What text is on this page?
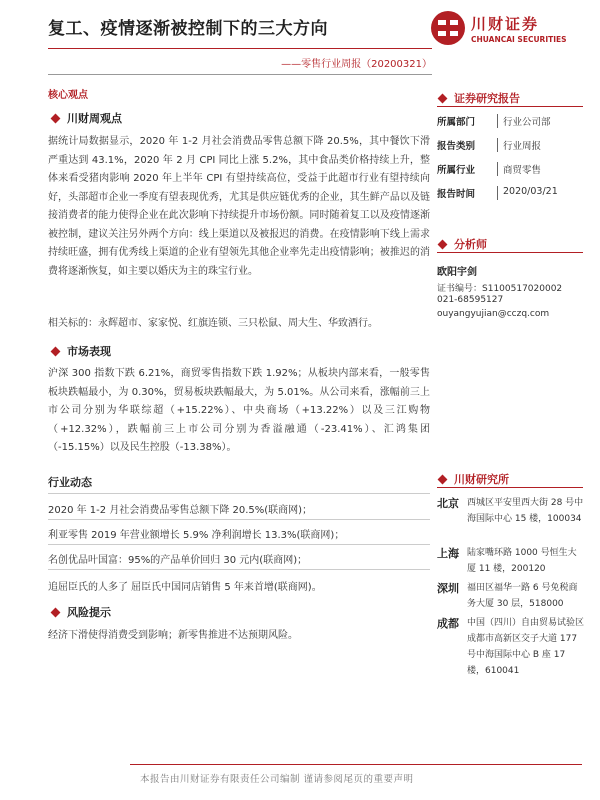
复工、疫情逐渐被控制下的三大方向	川财证券
CHUANCAI SECURITIES
——零售行业周报（20200321）
核心观点
川财周观点
据统计局数据显示，2020 年 1-2 月社会消费品零售总额下降 20.5%，其中餐饮下滑严重达到 43.1%，2020 年 2 月 CPI 同比上涨 5.2%，其中食品类价格持续上升，整体来看受猪肉影响 2020 年上半年 CPI 有望持续高位，受益于此超市行业有望持续向好，头部超市企业一季度有望表现优秀，尤其是供应链优秀的企业，其生鲜产品以及链接消费者的能力使得企业在此次影响下持续提升市场份额。同时随着复工以及疫情逐渐被控制，建议关注另外两个方向：线上渠道以及被报迟的消费。在疫情影响下线上需求持续旺盛，拥有优秀线上渠道的企业有望领先其他企业率先走出疫情影响；被推迟的消费将逐渐恢复，如主要以婚庆为主的珠宝行业。
相关标的：永辉超市、家家悦、红旗连锁、三只松鼠、周大生、华致酒行。
市场表现
沪深 300 指数下跌 6.21%，商贸零售指数下跌 1.92%；从板块内部来看，一般零售板块跌幅最小，为 0.30%，贸易板块跌幅最大，为 5.01%。从公司来看，涨幅前三上市公司分别为华联综超（+15.22%）、中央商场（+13.22%）以及三江购物（+12.32%），跌幅前三上市公司分别为香溢融通（-23.41%）、汇鸿集团（-15.15%）以及民生控股（-13.38%）。
行业动态
2020 年 1-2 月社会消费品零售总额下降 20.5%(联商网)；
利亚零售 2019 年营业额增长 5.9% 净利润增长 13.3%(联商网)；
名创优品叶国富：95%的产品单价回归 30 元内(联商网)；
追屈臣氏的人多了 屈臣氏中国同店销售 5 年来首增(联商网)。
风险提示
经济下滑使得消费受到影响；新零售推进不达预期风险。
证券研究报告
所属部门	行业公司部
报告类别	行业周报
所属行业	商贸零售
报告时间	2020/03/21
分析师
欧阳宇剑
证书编号：S1100517020002
021-68595127
ouyangyujian@cczq.com
川财研究所
北京 西城区平安里西大街 28 号中海国际中心 15 楼，100034
上海 陆家嘴环路 1000 号恒生大厦 11 楼，200120
深圳 福田区福华一路 6 号免税商务大厦 30 层，518000
成都 中国（四川）自由贸易试验区成都市高新区交子大道 177 号中海国际中心 B 座 17 楼，610041
本报告由川财证券有限责任公司编制 谨请参阅尾页的重要声明
